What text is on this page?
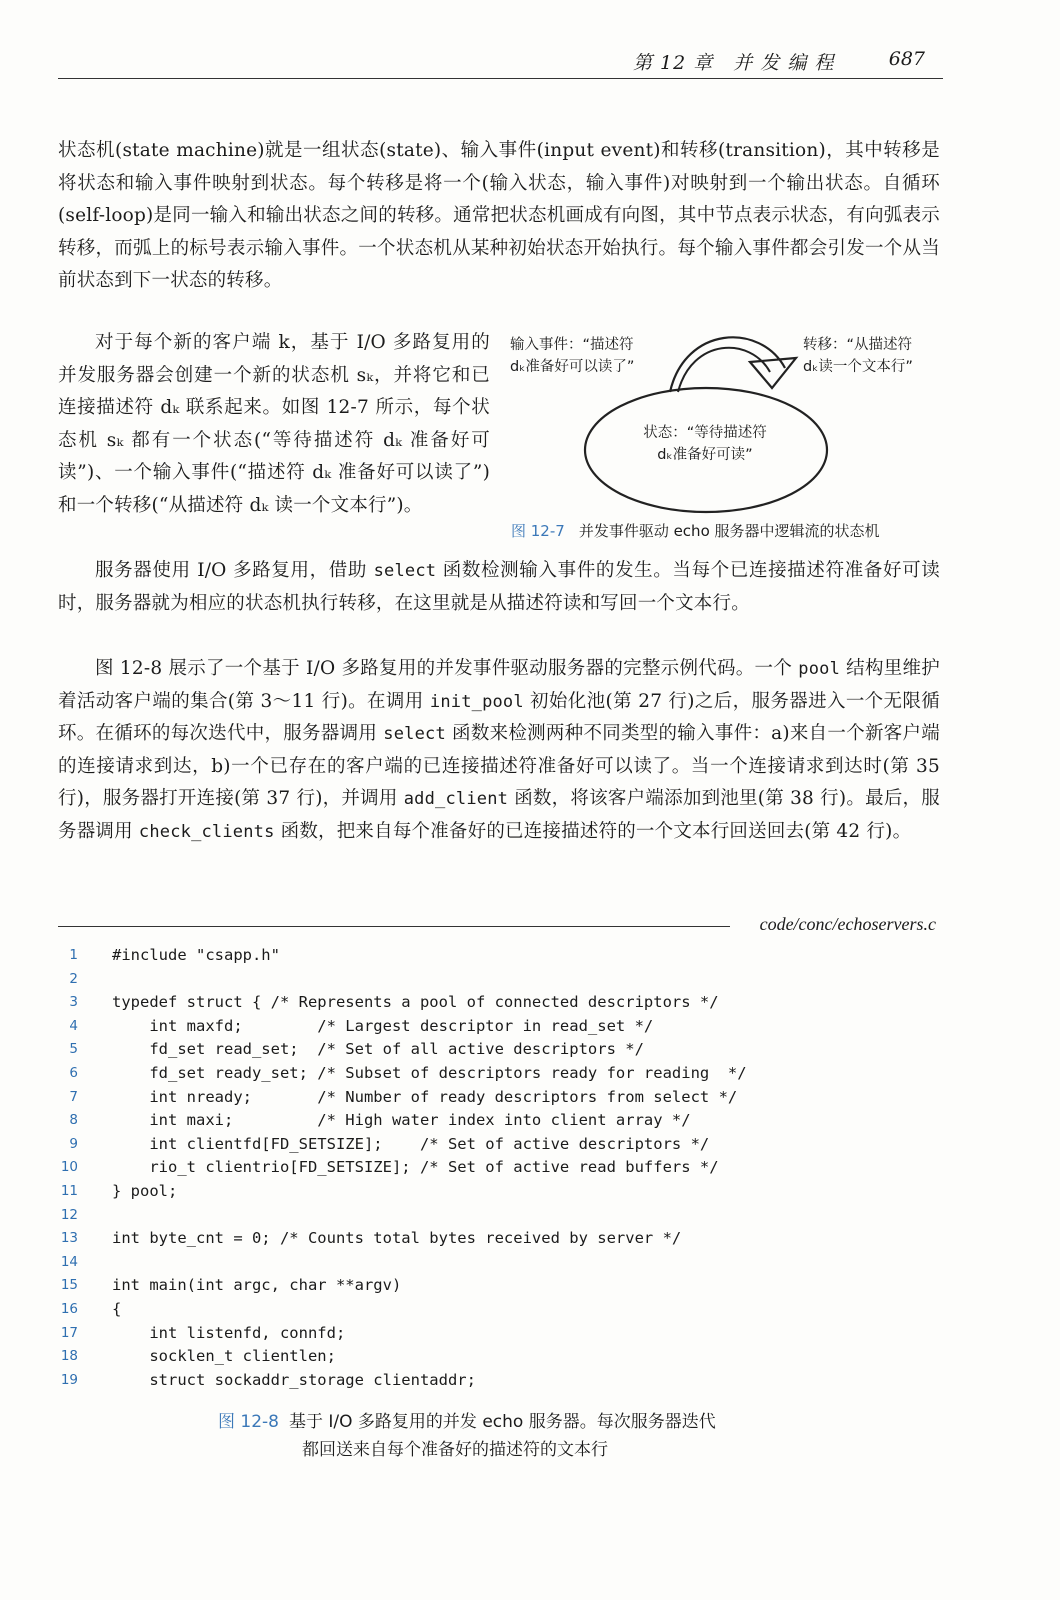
第 12 章　并 发 编 程	687
状态机(state machine)就是一组状态(state)、输入事件(input event)和转移(transition)，其中转移是将状态和输入事件映射到状态。每个转移是将一个(输入状态，输入事件)对映射到一个输出状态。自循环(self-loop)是同一输入和输出状态之间的转移。通常把状态机画成有向图，其中节点表示状态，有向弧表示转移，而弧上的标号表示输入事件。一个状态机从某种初始状态开始执行。每个输入事件都会引发一个从当前状态到下一状态的转移。
对于每个新的客户端 k，基于 I/O 多路复用的并发服务器会创建一个新的状态机 sₖ，并将它和已连接描述符 dₖ 联系起来。如图 12-7 所示，每个状态机 sₖ 都有一个状态(“等待描述符 dₖ 准备好可读”)、一个输入事件(“描述符 dₖ 准备好可以读了”)和一个转移(“从描述符 dₖ 读一个文本行”)。
输入事件：“描述符
dₖ准备好可以读了”
转移：“从描述符
dₖ读一个文本行”
状态：“等待描述符
dₖ准备好可读”
图 12-7 并发事件驱动 echo 服务器中逻辑流的状态机
服务器使用 I/O 多路复用，借助 select 函数检测输入事件的发生。当每个已连接描述符准备好可读时，服务器就为相应的状态机执行转移，在这里就是从描述符读和写回一个文本行。
图 12-8 展示了一个基于 I/O 多路复用的并发事件驱动服务器的完整示例代码。一个 pool 结构里维护着活动客户端的集合(第 3～11 行)。在调用 init_pool 初始化池(第 27 行)之后，服务器进入一个无限循环。在循环的每次迭代中，服务器调用 select 函数来检测两种不同类型的输入事件：a)来自一个新客户端的连接请求到达，b)一个已存在的客户端的已连接描述符准备好可以读了。当一个连接请求到达时(第 35 行)，服务器打开连接(第 37 行)，并调用 add_client 函数，将该客户端添加到池里(第 38 行)。最后，服务器调用 check_clients 函数，把来自每个准备好的已连接描述符的一个文本行回送回去(第 42 行)。
code/conc/echoservers.c
1 #include "csapp.h"
2
3 typedef struct { /* Represents a pool of connected descriptors */
4 int maxfd;        /* Largest descriptor in read_set */
5 fd_set read_set;  /* Set of all active descriptors */
6 fd_set ready_set; /* Subset of descriptors ready for reading  */
7 int nready;       /* Number of ready descriptors from select */
8 int maxi;         /* High water index into client array */
9 int clientfd[FD_SETSIZE];    /* Set of active descriptors */
10 rio_t clientrio[FD_SETSIZE]; /* Set of active read buffers */
11 } pool;
12
13 int byte_cnt = 0; /* Counts total bytes received by server */
14
15 int main(int argc, char **argv)
16 {
17 int listenfd, connfd;
18 socklen_t clientlen;
19 struct sockaddr_storage clientaddr;
图 12-8 基于 I/O 多路复用的并发 echo 服务器。每次服务器迭代
都回送来自每个准备好的描述符的文本行
